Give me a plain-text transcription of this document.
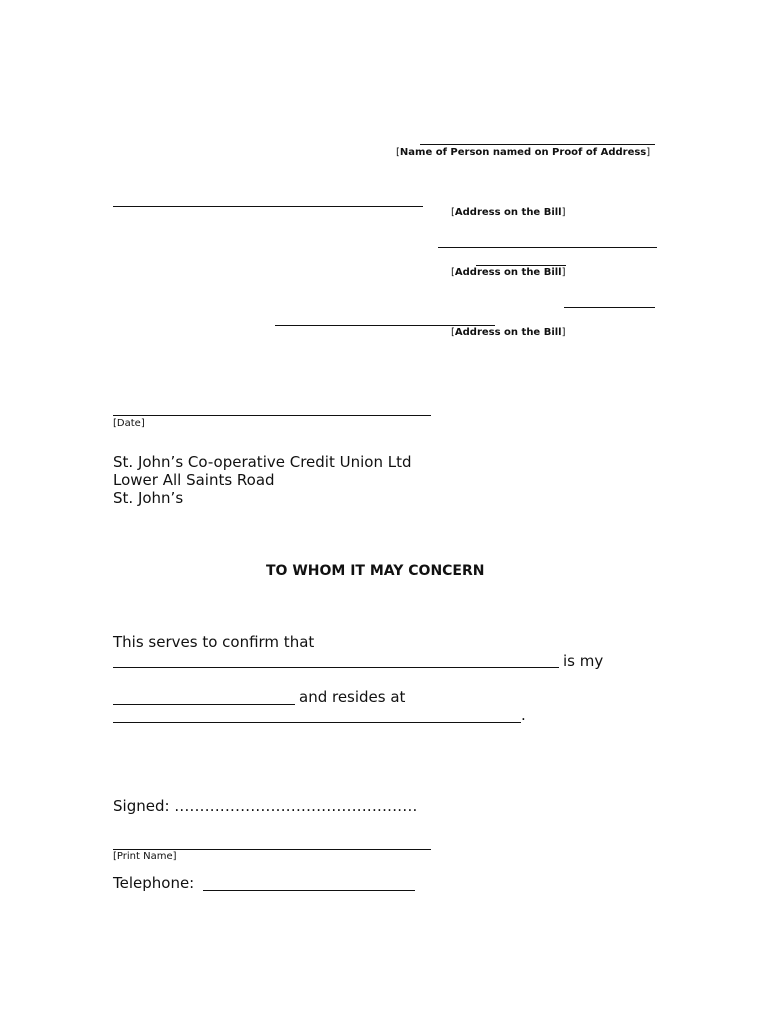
[Name of Person named on Proof of Address]
[Address on the Bill]
[Address on the Bill]
[Address on the Bill]
[Date]
St. John’s Co-operative Credit Union Ltd
Lower All Saints Road
St. John’s
TO WHOM IT MAY CONCERN
This serves to confirm that
is my
and resides at
.
Signed: ................................................
[Print Name]
Telephone:
